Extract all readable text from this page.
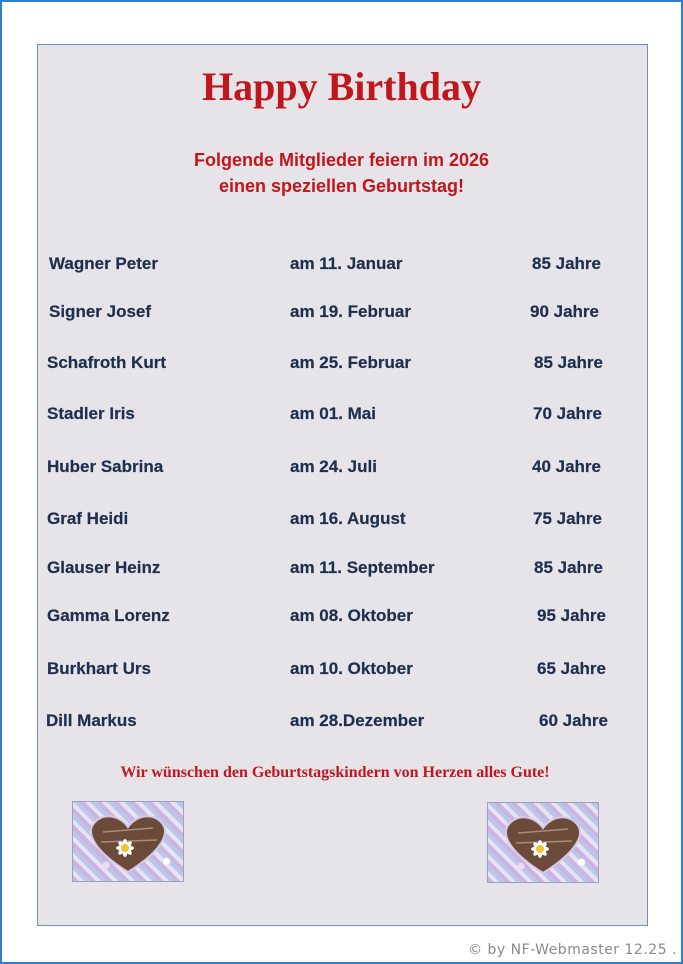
Happy Birthday
Folgende Mitglieder feiern im 2026
einen speziellen Geburtstag!
Wagner Peter	am 11. Januar	85 Jahre
Signer Josef	am 19. Februar	90 Jahre
Schafroth Kurt	am 25. Februar	85 Jahre
Stadler Iris	am 01. Mai	70 Jahre
Huber Sabrina	am 24. Juli	40 Jahre
Graf Heidi	am 16. August	75 Jahre
Glauser Heinz	am 11. September	85 Jahre
Gamma Lorenz	am 08. Oktober	95 Jahre
Burkhart Urs	am 10. Oktober	65 Jahre
Dill Markus	am 28.Dezember	60 Jahre
Wir wünschen den Geburtstagskindern von Herzen alles Gute!
© by NF-Webmaster 12.25 .
